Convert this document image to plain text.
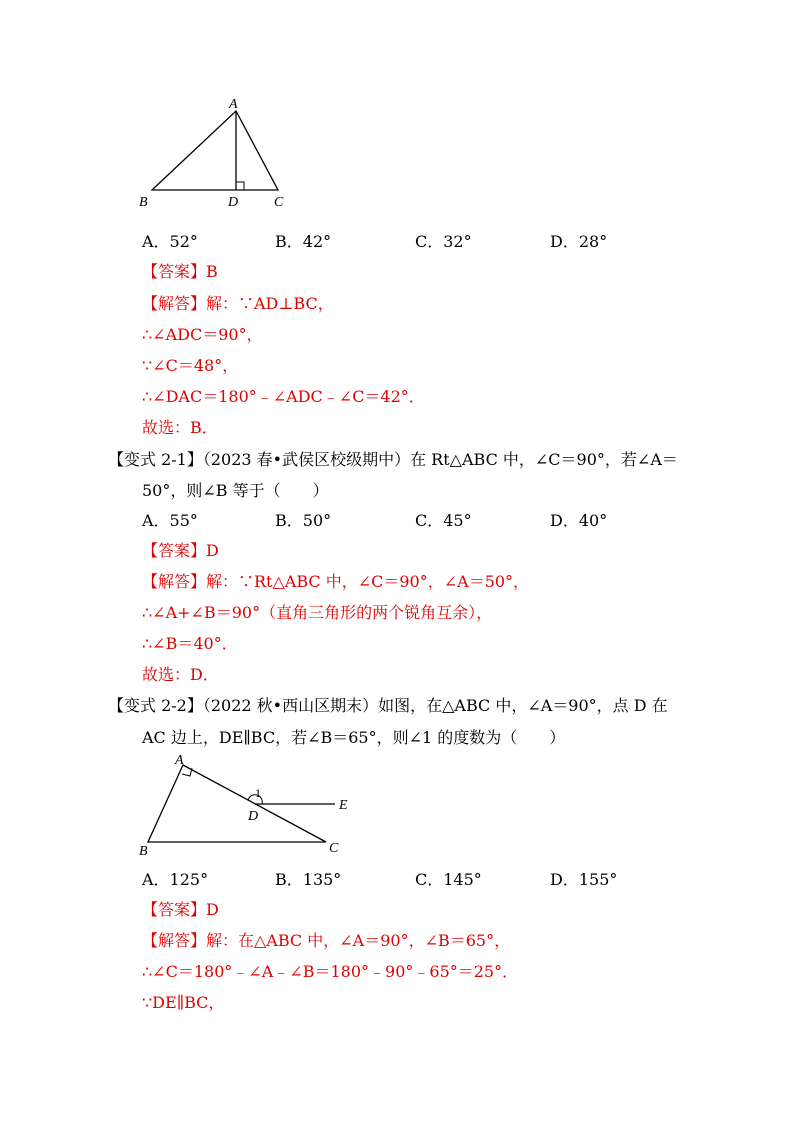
A
B	D	C
A．52°	B．42°	C．32°	D．28°
【答案】B
【解答】解：∵AD⊥BC，
∴∠ADC＝90°，
∵∠C＝48°，
∴∠DAC＝180°﹣∠ADC﹣∠C＝42°．
故选：B．
【变式 2-1】（2023 春•武侯区校级期中）在 Rt△ABC 中，∠C＝90°，若∠A＝
50°，则∠B 等于（　　）
A．55°	B．50°	C．45°	D．40°
【答案】D
【解答】解：∵Rt△ABC 中，∠C＝90°，∠A＝50°，
∴∠A+∠B＝90°（直角三角形的两个锐角互余），
∴∠B＝40°．
故选：D．
【变式 2-2】（2022 秋•西山区期末）如图，在△ABC 中，∠A＝90°，点 D 在
AC 边上，DE∥BC，若∠B＝65°，则∠1 的度数为（　　）
A
B	C
D
E
1
A．125°	B．135°	C．145°	D．155°
【答案】D
【解答】解：在△ABC 中，∠A＝90°，∠B＝65°，
∴∠C＝180°﹣∠A﹣∠B＝180°﹣90°﹣65°＝25°．
∵DE∥BC，
